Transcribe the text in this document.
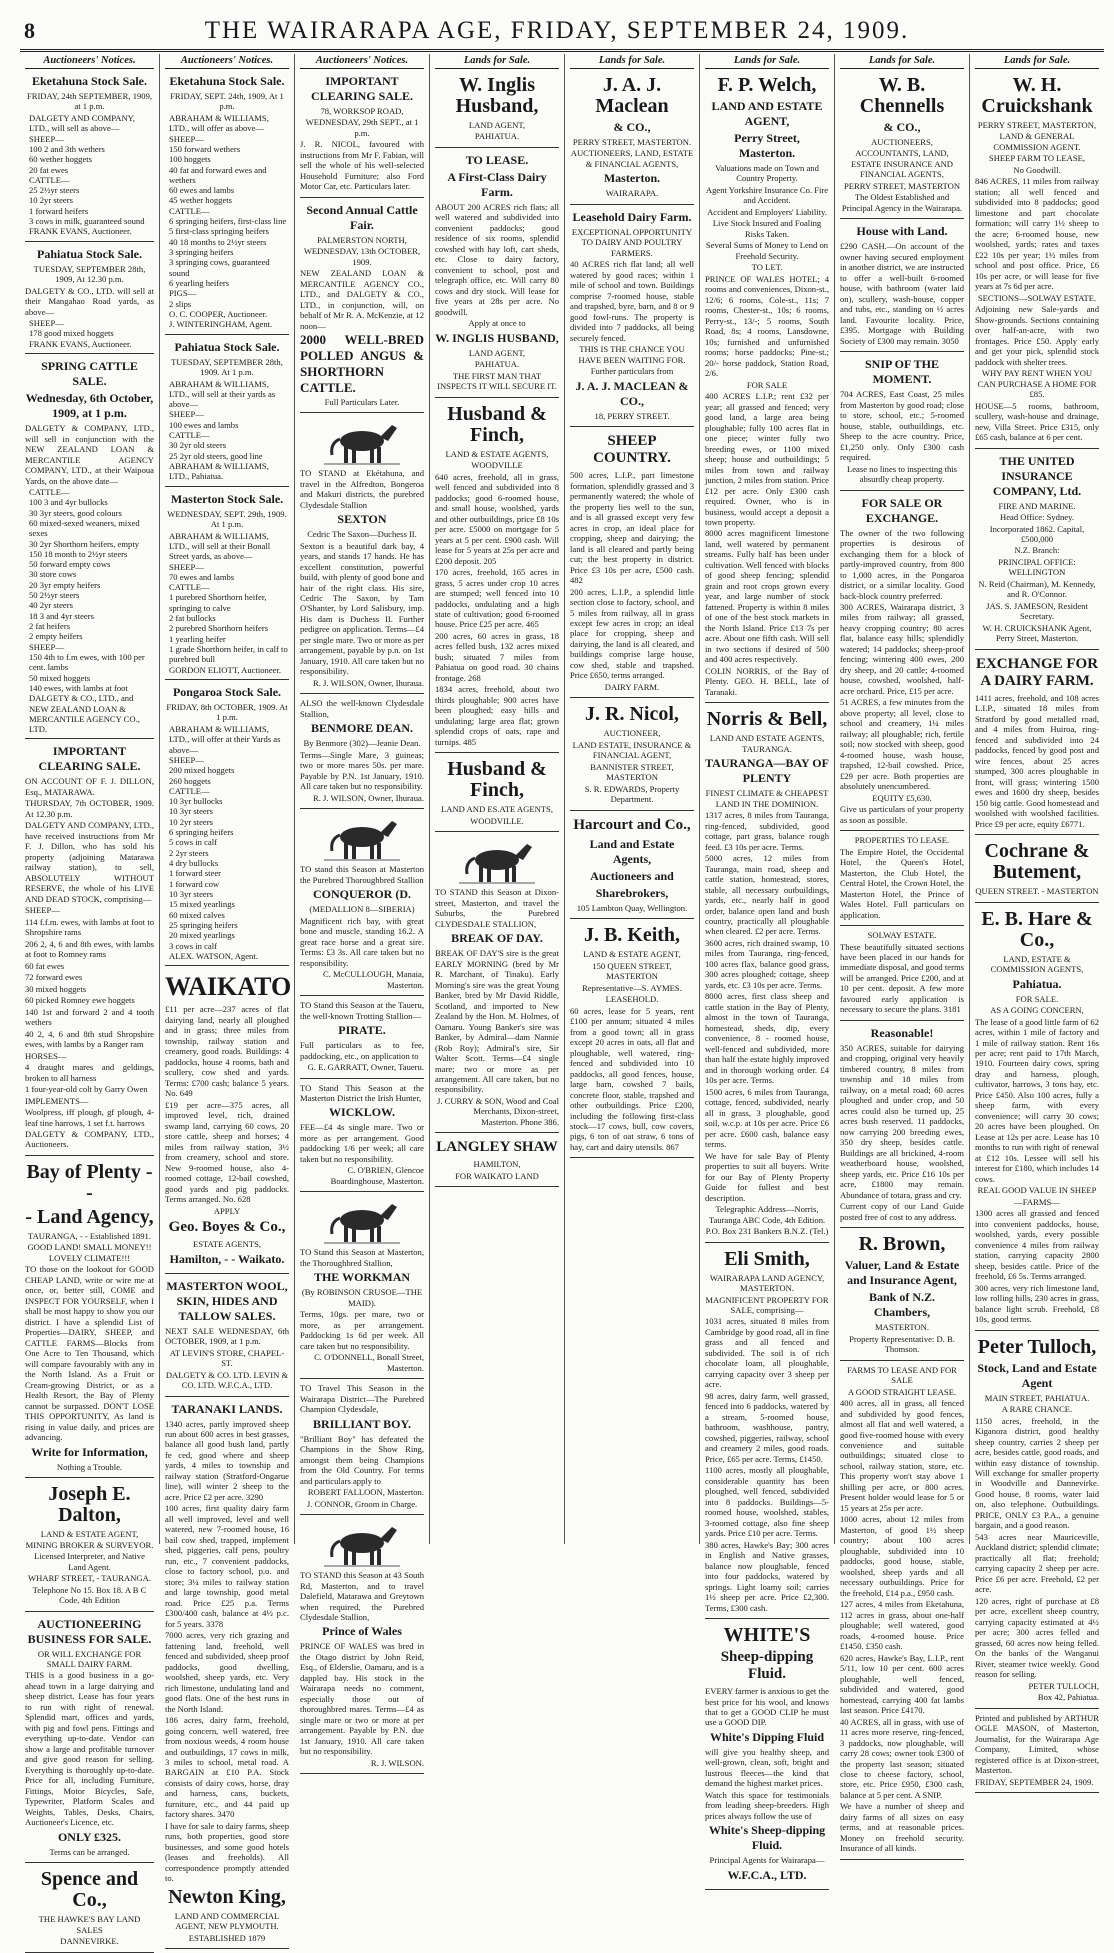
8	THE WAIRARAPA AGE, FRIDAY, SEPTEMBER 24, 1909.
Auctioneers' Notices.
Eketahuna Stock Sale.
FRIDAY, 24th SEPTEMBER, 1909, at 1 p.m.
DALGETY AND COMPANY, LTD., will sell as above—
SHEEP—
100 2 and 3th wethers
60 wether hoggets
20 fat ewes
CATTLE—
25 2½yr steers
10 2yr steers
1 forward heifers
3 cows in milk, guaranteed sound
FRANK EVANS, Auctioneer.
Pahiatua Stock Sale.
TUESDAY, SEPTEMBER 28th, 1909, At 12.30 p.m.
DALGETY & CO., LTD. will sell at their Mangahao Road yards, as above—
SHEEP—
178 good mixed hoggets
FRANK EVANS, Auctioneer.
SPRING CATTLE SALE.
Wednesday, 6th October, 1909, at 1 p.m.
DALGETY & COMPANY, LTD., will sell in conjunction with the NEW ZEALAND LOAN & MERCANTILE AGENCY COMPANY, LTD., at their Waipoua Yards, on the above date—
CATTLE—
100 3 and 4yr bullocks
30 3yr steers, good colours
60 mixed-sexed weaners, mixed sexes
30 2yr Shorthorn heifers, empty
150 18 month to 2½yr steers
50 forward empty cows
30 store cows
20 3yr empty heifers
50 2½yr steers
40 2yr steers
18 3 and 4yr steers
2 fat heifers
2 empty heifers
SHEEP—
150 4th to f.m ewes, with 100 per cent. lambs
50 mixed hoggets
140 ewes, with lambs at foot
DALGETY & CO., LTD., and NEW ZEALAND LOAN & MERCANTILE AGENCY CO., LTD.
IMPORTANT CLEARING SALE.
ON ACCOUNT OF F. J. DILLON, Esq., MATARAWA.
THURSDAY, 7th OCTOBER, 1909. At 12.30 p.m.
DALGETY AND COMPANY, LTD., have received instructions from Mr F. J. Dillon, who has sold his property (adjoining Matarawa railway station), to sell, ABSOLUTELY WITHOUT RESERVE, the whole of his LIVE AND DEAD STOCK, comprising—
SHEEP—
114 f.f.m. ewes, with lambs at foot to Shropshire rams
206 2, 4, 6 and 8th ewes, with lambs at foot to Romney rams
60 fat ewes
72 forward ewes
30 mixed hoggets
60 picked Romney ewe hoggets
140 1st and forward 2 and 4 tooth wethers
40 2, 4, 6 and 8th stud Shropshire ewes, with lambs by a Ranger ram
HORSES—
4 draught mares and geldings, broken to all harness
1 four-year-old colt by Garry Owen
IMPLEMENTS—
Woolpress, iff plough, gf plough, 4-leaf tine harrows, 1 set f.t. harrows
DALGETY & COMPANY, LTD., Auctioneers.
Bay of Plenty - -
- Land Agency,
TAURANGA, - - Established 1891.
GOOD LAND! SMALL MONEY!! LOVELY CLIMATE!!!
TO those on the lookout for GOOD CHEAP LAND, write or wire me at once, or, better still, COME and INSPECT FOR YOURSELF, when I shall be most happy to show you our district. I have a splendid List of Properties—DAIRY, SHEEP, and CATTLE FARMS—Blocks from One Acre to Ten Thousand, which will compare favourably with any in the North Island. As a Fruit or Cream-growing District, or as a Health Resort, the Bay of Plenty cannot be surpassed. DON'T LOSE THIS OPPORTUNITY, As land is rising in value daily, and prices are advancing.
Write for Information,
Nothing a Trouble.
Joseph E. Dalton,
LAND & ESTATE AGENT, MINING BROKER & SURVEYOR.
Licensed Interpreter, and Native Land Agent.
WHARF STREET, - TAURANGA.
Telephone No 15. Box 18. A B C Code, 4th Edition
AUCTIONEERING BUSINESS FOR SALE.
OR WILL EXCHANGE FOR SMALL DAIRY FARM.
THIS is a good business in a go-ahead town in a large dairying and sheep district. Lease has four years to run with right of renewal. Splendid mart, offices and yards, with pig and fowl pens. Fittings and everything up-to-date. Vendor can show a large and profitable turnover and give good reason for selling. Everything is thoroughly up-to-date. Price for all, including Furniture, Fittings, Motor Bicycles, Safe, Typewriter, Platform Scales and Weights, Tables, Desks, Chairs, Auctioneer's Licence, etc.
ONLY £325.
Terms can be arranged.
Spence and Co.,
THE HAWKE'S BAY LAND SALES
DANNEVIRKE.
Auctioneers' Notices.
Eketahuna Stock Sale.
FRIDAY, SEPT. 24th, 1909, At 1 p.m.
ABRAHAM & WILLIAMS, LTD., will offer as above—
SHEEP—
150 forward wethers
100 hoggets
40 fat and forward ewes and wethers
60 ewes and lambs
45 wether hoggets
CATTLE—
6 springing heifers, first-class line
5 first-class springing heifers
40 18 months to 2½yr steers
3 springing heifers
3 springing cows, guaranteed sound
6 yearling heifers
PIGS—
2 slips
O. C. COOPER, Auctioneer.
J. WINTERINGHAM, Agent.
Pahiatua Stock Sale.
TUESDAY, SEPTEMBER 28th, 1909. At 1 p.m.
ABRAHAM & WILLIAMS, LTD., will sell at their yards as above—
SHEEP—
100 ewes and lambs
CATTLE—
30 2yr old steers
25 2yr old steers, good line
ABRAHAM & WILLIAMS, LTD., Pahiatua.
Masterton Stock Sale.
WEDNESDAY, SEPT. 29th, 1909. At 1 p.m.
ABRAHAM & WILLIAMS, LTD., will sell at their Bonall Street yards, as above—
SHEEP—
70 ewes and lambs
CATTLE—
1 purebred Shorthorn heifer, springing to calve
2 fat bullocks
2 purebred Shorthorn heifers
1 yearling heifer
1 grade Shorthorn heifer, in calf to purebred bull
GORDON ELIOTT, Auctioneer.
Pongaroa Stock Sale.
FRIDAY, 8th OCTOBER, 1909. At 1 p.m.
ABRAHAM & WILLIAMS, LTD., will offer at their Yards as above—
SHEEP—
200 mixed hoggets
260 hoggets
CATTLE—
10 3yr bullocks
10 3yr steers
10 2yr steers
6 springing heifers
5 cows in calf
2 2yr steers
4 dry bullocks
1 forward steer
1 forward cow
10 3yr steers
15 mixed yearlings
60 mixed calves
25 springing heifers
20 mixed yearlings
3 cows in calf
ALEX. WATSON, Agent.
WAIKATO
£11 per acre—237 acres of flat dairying land, nearly all ploughed and in grass; three miles from township, railway station and creamery, good roads. Buildings: 4 paddocks, house 4 rooms, bath and scullery, cow shed and yards. Terms: £700 cash; balance 5 years. No. 649
£19 per acre—375 acres, all improved level, rich, drained swamp land, carrying 60 cows, 20 store cattle, sheep and horses; 4 miles from railway station, 3½ from creamery, school and store. New 9-roomed house, also 4-roomed cottage, 12-bail cowshed, good yards and pig paddocks. Terms arranged. No. 628
APPLY
Geo. Boyes & Co.,
ESTATE AGENTS,
Hamilton, - - Waikato.
MASTERTON WOOL, SKIN, HIDES AND TALLOW SALES.
NEXT SALE WEDNESDAY, 6th OCTOBER, 1909, at 1 p.m.
AT LEVIN'S STORE, CHAPEL-ST.
DALGETY & CO. LTD. LEVIN & CO. LTD. W.F.C.A., LTD.
TARANAKI LANDS.
1340 acres, partly improved sheep run about 600 acres in best grasses, balance all good bush land, partly fe ced, good where and sheep yards, 4 miles to township and railway station (Stratford-Ongarue line), will winter 2 sheep to the acre. Price £2 per acre. 3290
100 acres, first quality dairy farm all well improved, level and well watered, new 7-roomed house, 16 bail cow shed, trapped, implement shed, piggeries, calf pens, poultry run, etc., 7 convenient paddocks, close to factory school, p.o. and store; 3¼ miles to railway station and large township, good metal road. Price £25 p.a. Terms £300/400 cash, balance at 4½ p.c. for 5 years. 3378
7000 acres, very rich grazing and fattening land, freehold, well fenced and subdivided, sheep proof paddocks, good dwelling, woolshed, sheep yards, etc. Very rich limestone, undulating land and good flats. One of the best runs in the North Island.
186 acres, dairy farm, freehold, going concern, well watered, free from noxious weeds, 4 room house and outbuildings, 17 cows in milk, 3 miles to school, metal road. A BARGAIN at £10 P.A. Stock consists of dairy cows, horse, dray and harness, cans, buckets, furniture, etc., and 44 paid up factory shares. 3470
I have for sale to dairy farms, sheep runs, both properties, good store businesses, and some good hotels (leases and freeholds). All correspondence promptly attended to.
Newton King,
LAND AND COMMERCIAL AGENT, NEW PLYMOUTH.
ESTABLISHED 1879
Auctioneers' Notices.
IMPORTANT CLEARING SALE.
78, WORKSOP ROAD,
WEDNESDAY, 29th SEPT., at 1 p.m.
J. R. NICOL, favoured with instructions from Mr F. Fabian, will sell the whole of his well-selected Household Furniture; also Ford Motor Car, etc. Particulars later.
Second Annual Cattle Fair.
PALMERSTON NORTH,
WEDNESDAY, 13th OCTOBER, 1909.
NEW ZEALAND LOAN & MERCANTILE AGENCY CO., LTD., and DALGETY & CO., LTD., in conjunction, will, on behalf of Mr R. A. McKenzie, at 12 noon—
2000 WELL-BRED POLLED ANGUS & SHORTHORN CATTLE.
Full Particulars Later.
TO STAND at Ekétahuna, and travel in the Alfredton, Bongeroa and Makuri districts, the purebred Clydesdale Stallion
SEXTON
Cedric The Saxon—Duchess II.
Sexton is a beautiful dark bay, 4 years, and stands 17 hands. He has excellent constitution, powerful build, with plenty of good bone and hair of the right class. His sire, Cedric The Saxon, by Tam O'Shanter, by Lord Salisbury, imp. His dam is Duchess II. Further pedigree on application. Terms—£4 per single mare. Two or more as per arrangement, payable by p.n. on 1st January, 1910. All care taken but no responsibility.
R. J. WILSON, Owner, Ihuraua.
ALSO the well-known Clydesdale Stallion,
BENMORE DEAN.
By Benmore (302)—Jeanie Dean.
Terms—Single Mare, 3 guineas; two or more mares 50s. per mare. Payable by P.N. 1st January, 1910. All care taken but no responsibility.
R. J. WILSON, Owner, Ihuraua.
TO stand this Season at Masterton the Purebred Thoroughbred Stallion
CONQUEROR (D.
(MEDALLION 8—SIBERIA)
Magnificent rich bay, with great bone and muscle, standing 16.2. A great race horse and a great sire. Terms: £3 3s. All care taken but no responsibility.
C. McCULLOUGH, Manaia, Masterton.
TO Stand this Season at the Taueru, the well-known Trotting Stallion—
PIRATE.
Full particulars as to fee, paddocking, etc., on application to
G. E. GARRATT, Owner, Taueru.
TO Stand This Season at the Masterton District the Irish Hunter,
WICKLOW.
FEE—£4 4s single mare. Two or more as per arrangement. Good paddocking 1/6 per week; all care taken but no responsibility.
C. O'BRIEN, Glencoe Boardinghouse, Masterton.
TO Stand this Season at Masterton, the Thoroughbred Stallion,
THE WORKMAN
(By ROBINSON CRUSOE—THE MAID).
Terms, 10gs. per mare, two or more, as per arrangement. Paddocking 1s 6d per week. All care taken but no responsibility.
C. O'DONNELL, Bonall Street, Masterton.
TO Travel This Season in the Wairarapa District—The Purebred Champion Clydesdale,
BRILLIANT BOY.
"Brilliant Boy" has defeated the Champions in the Show Ring, amongst them being Champions from the Old Country. For terms and particulars apply to
ROBERT FALLOON, Masterton.
J. CONNOR, Groom in Charge.
TO STAND this Season at 43 South Rd, Masterton, and to travel Dalefield, Matarawa and Greytown when required, the Purebred Clydesdale Stallion,
Prince of Wales
PRINCE OF WALES was bred in the Otago district by John Reid, Esq., of Elderslie, Oamaru, and is a dappled bay. His stock in the Wairarapa needs no comment, especially those out of thoroughbred mares. Terms—£4 as single mare or two or more at per arrangement. Payable by P.N. due 1st January, 1910. All care taken but no responsibility.
R. J. WILSON.
Lands for Sale.
W. Inglis Husband,
LAND AGENT,
PAHIATUA.
TO LEASE.
A First-Class Dairy Farm.
ABOUT 200 ACRES rich flats; all well watered and subdivided into convenient paddocks; good residence of six rooms, splendid cowshed with hay loft, cart sheds, etc. Close to dairy factory, convenient to school, post and telegraph office, etc. Will carry 80 cows and dry stock. Will lease for five years at 28s per acre. No goodwill.
Apply at once to
W. INGLIS HUSBAND,
LAND AGENT,
PAHIATUA.
THE FIRST MAN THAT INSPECTS IT WILL SECURE IT.
Husband & Finch,
LAND & ESTATE AGENTS,
WOODVILLE
640 acres, freehold, all in grass, well fenced and subdivided into 8 paddocks; good 6-roomed house, and small house, woolshed, yards and other outbuildings, price £8 10s per acre. £5000 on mortgage for 5 years at 5 per cent. £900 cash. Will lease for 5 years at 25s per acre and £200 deposit. 205
170 acres, freehold, 165 acres in grass, 5 acres under crop 10 acres are stumped; well fenced into 10 paddocks, undulating and a high state of cultivation; good 6-roomed house. Price £25 per acre. 465
200 acres, 60 acres in grass, 18 acres felled bush, 132 acres mixed bush; situated 7 miles from Pahiatua on good road. 30 chains frontage. 268
1834 acres, freehold, about two thirds ploughable; 900 acres have been ploughed; easy hills and undulating; large area flat; grown splendid crops of oats, rape and turnips. 485
Husband & Finch,
LAND AND ES.ATE AGENTS,
WOODVILLE.
TO STAND this Season at Dixon-street, Masterton, and travel the Suburbs, the Purebred CLYDESDALE STALLION,
BREAK OF DAY.
BREAK OF DAY'S sire is the great EARLY MORNING (bred by Mr R. Marchant, of Tinaku). Early Morning's sire was the great Young Banker, bred by Mr David Riddle, Scotland, and imported to New Zealand by the Hon. M. Holmes, of Oamaru. Young Banker's sire was Banker, by Admiral—dam Nannie (Rob Roy); Admiral's sire, Sir Walter Scott. Terms—£4 single mare; two or more as per arrangement. All care taken, but no responsibility.
J. CURRY & SON, Wood and Coal Merchants, Dixon-street, Masterton. Phone 386.
LANGLEY SHAW
HAMILTON,
FOR WAIKATO LAND
Lands for Sale.
J. A. J. Maclean
& CO.,
PERRY STREET, MASTERTON.
AUCTIONEERS, LAND, ESTATE & FINANCIAL AGENTS,
Masterton.
WAIRARAPA.
Leasehold Dairy Farm.
EXCEPTIONAL OPPORTUNITY TO DAIRY AND POULTRY FARMERS.
40 ACRES rich flat land; all well watered by good races; within 1 mile of school and town. Buildings comprise 7-roomed house, stable and trapshed, byre, barn, and 8 or 9 good fowl-runs. The property is divided into 7 paddocks, all being securely fenced.
THIS IS THE CHANCE YOU HAVE BEEN WAITING FOR.
Further particulars from
J. A. J. MACLEAN & CO.,
18, PERRY STREET.
SHEEP COUNTRY.
500 acres, L.I.P., part limestone formation, splendidly grassed and 3 permanently watered; the whole of the property lies well to the sun, and is all grassed except very few acres in crop, an ideal place for cropping, sheep and dairying; the land is all cleared and partly being cut; the best property in district. Price £3 10s per acre, £500 cash. 482
200 acres, L.I.P., a splendid little section close to factory, school, and 5 miles from railway, all in grass except few acres in crop; an ideal place for cropping, sheep and dairying, the land is all cleared, and buildings comprise large house, cow shed, stable and trapshed. Price £650, terms arranged.
DAIRY FARM.
J. R. Nicol,
AUCTIONEER,
LAND ESTATE, INSURANCE & FINANCIAL AGENT,
BANNISTER STREET, MASTERTON
S. R. EDWARDS, Property Department.
Harcourt and Co.,
Land and Estate Agents,
Auctioneers and
Sharebrokers,
105 Lambton Quay, Wellington.
J. B. Keith,
LAND & ESTATE AGENT,
150 QUEEN STREET, MASTERTON
Representative—S. AYMES.
LEASEHOLD.
60 acres, lease for 5 years, rent £100 per annum; situated 4 miles from a good town; all in grass except 20 acres in oats, all flat and ploughable, well watered, ring-fenced and subdivided into 10 paddocks, all good fences, house, large barn, cowshed 7 bails, concrete floor, stable, trapshed and other outbuildings. Price £200, including the following first-class stock—17 cows, bull, cow covers, pigs, 6 ton of oat straw, 6 tons of hay, cart and dairy utensils. 867
Lands for Sale.
F. P. Welch,
LAND AND ESTATE AGENT,
Perry Street, Masterton.
Valuations made on Town and Country Property.
Agent Yorkshire Insurance Co. Fire and Accident.
Accident and Employers' Liability.
Live Stock Insured and Foaling Risks Taken.
Several Sums of Money to Lend on Freehold Security.
TO LET.
PRINCE OF WALES HOTEL; 4 rooms and conveniences, Dixon-st., 12/6; 6 rooms, Cole-st., 11s; 7 rooms, Chester-st., 10s; 6 rooms, Perry-st., 13/-; 5 rooms, South Road, 8s; 4 rooms, Lansdowne, 10s; furnished and unfurnished rooms; horse paddocks; Pine-st.; 20/- horse paddock, Station Road, 2/6.
FOR SALE
400 ACRES L.I.P.; rent £32 per year; all grassed and fenced; very good land, a large area being ploughable; fully 100 acres flat in one piece; winter fully two breeding ewes, or 1100 mixed sheep; house and outbuildings; 5 miles from town and railway junction, 2 miles from station. Price £12 per acre. Only £300 cash required. Owner, who is in business, would accept a deposit a town property.
8000 acres magnificent limestone land, well watered by permanent streams. Fully half has been under cultivation. Well fenced with blocks of good sheep fencing; splendid grain and root crops grown every year, and large number of stock fattened. Property is within 8 miles of one of the best stock markets in the North Island. Price £13 7s per acre. About one fifth cash. Will sell in two sections if desired of 500 and 400 acres respectively.
COLIN NORRIS, of the Bay of Plenty. GEO. H. BELL, late of Taranaki.
Norris & Bell,
LAND AND ESTATE AGENTS, TAURANGA.
TAURANGA—BAY OF PLENTY
FINEST CLIMATE & CHEAPEST LAND IN THE DOMINION.
1317 acres, 8 miles from Tauranga, ring-fenced, subdivided, good cottage, part grass, balance rough feed. £3 10s per acre. Terms.
5000 acres, 12 miles from Tauranga, main road, sheep and cattle station, homestead, stores, stable, all necessary outbuildings, yards, etc., nearly half in good order, balance open land and bush country, practically all ploughable when cleared. £2 per acre. Terms.
3600 acres, rich drained swamp, 10 miles from Tauranga, ring-fenced, 100 acres flax, balance good grass, 300 acres ploughed; cottage, sheep yards, etc. £3 10s per acre. Terms.
8000 acres, first class sheep and cattle station in the Bay of Plenty, almost in the town of Tauranga, homestead, sheds, dip, every convenience, 8 - roomed house, well-fenced and subdivided, more than half the estate highly improved and in thorough working order. £4 10s per acre. Terms.
1500 acres, 6 miles from Tauranga, cottage, fenced, subdivided, nearly all in grass, 3 ploughable, good soil, w.c.p. at 10s per acre. Price £6 per acre. £600 cash, balance easy terms.
We have for sale Bay of Plenty properties to suit all buyers. Write for our Bay of Plenty Property Guide for fullest and best description.
Telegraphic Address—Norris, Tauranga ABC Code, 4th Edition.
P.O. Box 231 Bankers B.N.Z. (Tel.)
Eli Smith,
WAIRARAPA LAND AGENCY, MASTERTON.
MAGNIFICENT PROPERTY FOR SALE, comprising—
1031 acres, situated 8 miles from Cambridge by good road, all in fine grass and all fenced and subdivided. The soil is of rich chocolate loam, all ploughable, carrying capacity over 3 sheep per acre.
98 acres, dairy farm, well grassed, fenced into 6 paddocks, watered by a stream, 5-roomed house, bathroom, washhouse, pantry, cowshed, piggeries, railway, school and creamery 2 miles, good roads. Price, £65 per acre. Terms, £1450.
1100 acres, mostly all ploughable, considerable quantity has been ploughed, well fenced, subdivided into 8 paddocks. Buildings—5-roomed house, woolshed, stables, 3-roomed cottage, also fine sheep yards. Price £10 per acre. Terms.
380 acres, Hawke's Bay; 300 acres in English and Native grasses, balance now ploughable, fenced into four paddocks, watered by springs. Light loamy soil; carries 1½ sheep per acre. Price £2,300. Terms, £300 cash.
WHITE'S
Sheep-dipping Fluid.
EVERY farmer is anxious to get the best price for his wool, and knows that to get a GOOD CLIP he must use a GOOD DIP.
White's Dipping Fluid
will give you healthy sheep, and well-grown, clean, soft, bright and lustrous fleeces—the kind that demand the highest market prices.
Watch this space for testimonials from leading sheep-breeders. High prices always follow the use of
White's Sheep-dipping Fluid.
Principal Agents for Wairarapa—
W.F.C.A., LTD.
Lands for Sale.
W. B. Chennells
& CO.,
AUCTIONEERS,
ACCOUNTANTS, LAND, ESTATE INSURANCE AND FINANCIAL AGENTS,
PERRY STREET, MASTERTON
The Oldest Established and Principal Agency in the Wairarapa.
House with Land.
£290 CASH.—On account of the owner having secured employment in another district, we are instructed to offer a well-built 6-roomed house, with bathroom (water laid on), scullery, wash-house, copper and tubs, etc., standing on ½ acres land. Favourite locality. Price, £395. Mortgage with Building Society of £300 may remain. 3050
SNIP OF THE MOMENT.
704 ACRES, East Coast, 25 miles from Masterton by good road; close to store, school, etc.; 5-roomed house, stable, outbuildings, etc. Sheep to the acre country. Price, £1,250 only. Only £300 cash required.
Lease no lines to inspecting this absurdly cheap property.
FOR SALE OR EXCHANGE.
The owner of the two following properties is desirous of exchanging them for a block of partly-improved country, from 800 to 1,000 acres, in the Pongaroa district, or a similar locality. Good back-block country preferred.
300 ACRES, Wairarapa district, 3 miles from railway; all grassed, heavy cropping country; 80 acres flat, balance easy hills; splendidly watered; 14 paddocks; sheep-proof fencing; wintering 400 ewes, 200 dry sheep, and 20 cattle; 4-roomed house, cowshed, woolshed, half-acre orchard. Price, £15 per acre.
51 ACRES, a few minutes from the above property; all level, close to school and creamery, 1¼ miles railway; all ploughable; rich, fertile soil; now stocked with sheep, good 4-roomed house, wash house, trapshed, 12-bail cowshed. Price, £29 per acre. Both properties are absolutely unencumbered.
EQUITY £5,630.
Give us particulars of your property as soon as possible.
PROPERTIES TO LEASE.
The Empire Hotel, the Occidental Hotel, the Queen's Hotel, Masterton, the Club Hotel, the Central Hotel, the Crown Hotel, the Masterton Hotel, the Prince of Wales Hotel. Full particulars on application.
SOLWAY ESTATE.
These beautifully situated sections have been placed in our hands for immediate disposal, and good terms will be arranged. Price £200, and at 10 per cent. deposit. A few more favoured early application is necessary to secure the plans. 3181
Reasonable!
350 ACRES, suitable for dairying and cropping, original very heavily timbered country, 8 miles from township and 18 miles from railway, on a metal road; 60 acres ploughed and under crop, and 50 acres could also be turned up, 25 acres bush reserved. 11 paddocks, now carrying 200 breeding ewes, 350 dry sheep, besides cattle. Buildings are all brickined, 4-room weatherboard house, woolshed, sheep yards, etc. Price £16 10s per acre, £1800 may remain. Abundance of totara, grass and cry.
Current copy of our Land Guide posted free of cost to any address.
R. Brown,
Valuer, Land & Estate and Insurance Agent,
Bank of N.Z. Chambers,
MASTERTON.
Property Representative: D. B. Thomson.
FARMS TO LEASE AND FOR SALE
A GOOD STRAIGHT LEASE.
400 acres, all in grass, all fenced and subdivided by good fences, almost all flat and well watered, a good five-roomed house with every convenience and suitable outbuildings; situated close to school, railway station, store, etc. This property won't stay above 1 shilling per acre, or 800 acres. Present holder would lease for 5 or 15 years at 25s per acre.
1000 acres, about 12 miles from Masterton, of good 1½ sheep country; about 100 acres ploughable, subdivided into 10 paddocks, good house, stable, woolshed, sheep yards and all necessary outbuildings. Price for the freehold, £14 p.a., £950 cash.
127 acres, 4 miles from Eketahuna, 112 acres in grass, about one-half ploughable; well watered, good roads, 4-roomed house. Price £1450. £350 cash.
620 acres, Hawke's Bay, L.I.P., rent 5/11, low 10 per cent. 600 acres ploughable, well fenced, subdivided and watered, good homestead, carrying 400 fat lambs last season. Price £4170.
40 ACRES, all in grass, with use of 11 acres more reserve, ring-fenced, 3 paddocks, now ploughable, will carry 28 cows; owner took £300 of the property last season; situated close to cheese factory, school, store, etc. Price £950, £300 cash, balance at 5 per cent. A SNIP.
We have a number of sheep and dairy farms of all sizes on easy terms, and at reasonable prices. Money on freehold security. Insurance of all kinds.
Lands for Sale.
W. H. Cruickshank
PERRY STREET, MASTERTON,
LAND & GENERAL COMMISSION AGENT.
SHEEP FARM TO LEASE,
No Goodwill.
846 ACRES, 11 miles from railway station; all well fenced and subdivided into 8 paddocks; good limestone and part chocolate formation; will carry 1½ sheep to the acre; 6-roomed house, new woolshed, yards; rates and taxes £22 10s per year; 1½ miles from school and post office. Price, £6 10s per acre, or will lease for five years at 7s 6d per acre.
SECTIONS—SOLWAY ESTATE.
Adjoining new Sale-yards and Show-grounds. Sections containing over half-an-acre, with two frontages. Price £50. Apply early and get your pick, splendid stock paddock with shelter trees.
WHY PAY RENT WHEN YOU CAN PURCHASE A HOME FOR £85.
HOUSE—5 rooms, bathroom, scullery, wash-house and drainage, new, Villa Street. Price £315, only £65 cash, balance at 6 per cent.
THE UNITED INSURANCE COMPANY, Ltd.
FIRE AND MARINE.
Head Office: Sydney.
Incorporated 1862. Capital, £500,000
N.Z. Branch:
PRINCIPAL OFFICE: WELLINGTON
N. Reid (Chairman), M. Kennedy, and R. O'Connor.
JAS. S. JAMESON, Resident Secretary.
W. H. CRUICKSHANK Agent, Perry Street, Masterton.
EXCHANGE FOR A DAIRY FARM.
1411 acres, freehold, and 108 acres L.I.P., situated 18 miles from Stratford by good metalled road, and 4 miles from Huiroa, ring-fenced and subdivided into 24 paddocks, fenced by good post and wire fences, about 25 acres stumped, 300 acres ploughable in front, will grass; wintering 1500 ewes and 1600 dry sheep, besides 150 big cattle. Good homestead and woolshed with woolshed facilities. Price £9 per acre, equity £6771.
Cochrane & Butement,
QUEEN STREET. - MASTERTON
E. B. Hare & Co.,
LAND, ESTATE & COMMISSION AGENTS,
Pahiatua.
FOR SALE.
AS A GOING CONCERN,
The lease of a good little farm of 62 acres, within 1 mile of factory and 1 mile of railway station. Rent 16s per acre; rent paid to 17th March, 1910. Fourteen dairy cows, spring dray and harness, plough, cultivator, harrows, 3 tons hay, etc. Price £450. Also 100 acres, fully a sheep farm, with every convenience; will carry 30 cows; 20 acres have been ploughed. On Lease at 12s per acre. Lease has 10 months to run with right of renewal at £12 10s. Lessee will sell his interest for £180, which includes 14 cows.
REAL GOOD VALUE IN SHEEP
—FARMS—
1300 acres all grassed and fenced into convenient paddocks, house, woolshed, yards, every possible convenience 4 miles from railway station, carrying capacity 2800 sheep, besides cattle. Price of the freehold, £6 5s. Terms arranged.
300 acres, very rich limestone land, low rolling hills, 230 acres in grass, balance light scrub. Freehold, £8 10s, good terms.
Peter Tulloch,
Stock, Land and Estate Agent
MAIN STREET, PAHIATUA.
A RARE CHANCE.
1150 acres, freehold, in the Kiganora district, good healthy sheep country, carries 2 sheep per acre, besides cattle, good roads, and within easy distance of township. Will exchange for smaller property in Woodville and Dannevirke. Good house, 8 rooms, water laid on, also telephone. Outbuildings. PRICE, ONLY £3 P.A., a genuine bargain, and a good reason.
543 acres near Mauriceville, Auckland district; splendid climate; practically all flat; freehold; carrying capacity 2 sheep per acre. Price £6 per acre. Freehold, £2 per acre.
120 acres, right of purchase at £8 per acre, excellent sheep country, carrying capacity estimated at 4½ per acre; 300 acres felled and grassed, 60 acres now being felled. On the banks of the Wanganui River, steamer twice weekly. Good reason for selling.
PETER TULLOCH,
Box 42, Pahiatua.
Printed and published by ARTHUR OGLE MASON, of Masterton, Journalist, for the Wairarapa Age Company, Limited, whose registered office is at Dixon-street, Masterton.
FRIDAY, SEPTEMBER 24, 1909.
